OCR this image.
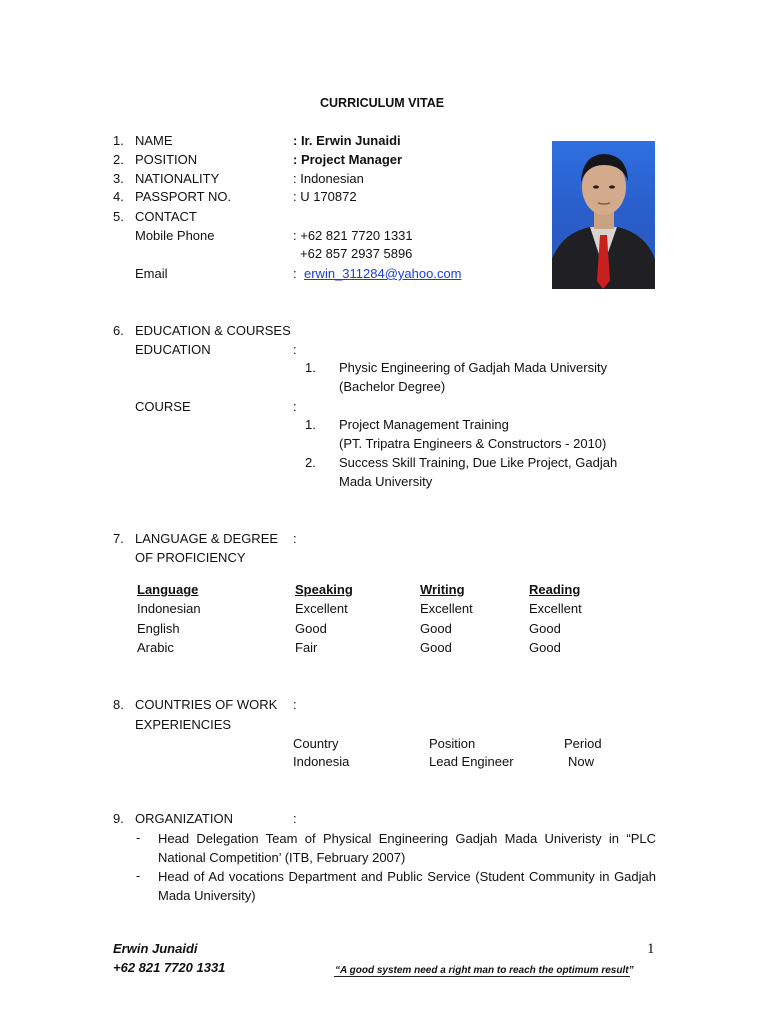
CURRICULUM VITAE
1. NAME	: Ir. Erwin Junaidi
2. POSITION	: Project Manager
3. NATIONALITY	: Indonesian
4. PASSPORT NO.	: U 170872
5. CONTACT
Mobile Phone	: +62 821 7720 1331
+62 857 2937 5896
Email	: erwin_311284@yahoo.com
6. EDUCATION & COURSES
EDUCATION	:
1. Physic Engineering of Gadjah Mada University
(Bachelor Degree)
COURSE	:
1. Project Management Training
(PT. Tripatra Engineers & Constructors - 2010)
2. Success Skill Training, Due Like Project, Gadjah
Mada University
7. LANGUAGE & DEGREE :
OF PROFICIENCY
Language	Speaking	Writing	Reading
Indonesian	Excellent	Excellent	Excellent
English	Good	Good	Good
Arabic	Fair	Good	Good
8. COUNTRIES OF WORK :
EXPERIENCIES
Country	Position	Period
Indonesia	Lead Engineer	Now
9. ORGANIZATION	:
- Head Delegation Team of Physical Engineering Gadjah Mada Univeristy in “PLC National Competition’ (ITB, February 2007)
- Head of Ad vocations Department and Public Service (Student Community in Gadjah Mada University)
Erwin Junaidi
+62 821 7720 1331	“A good system need a right man to reach the optimum result”
1
